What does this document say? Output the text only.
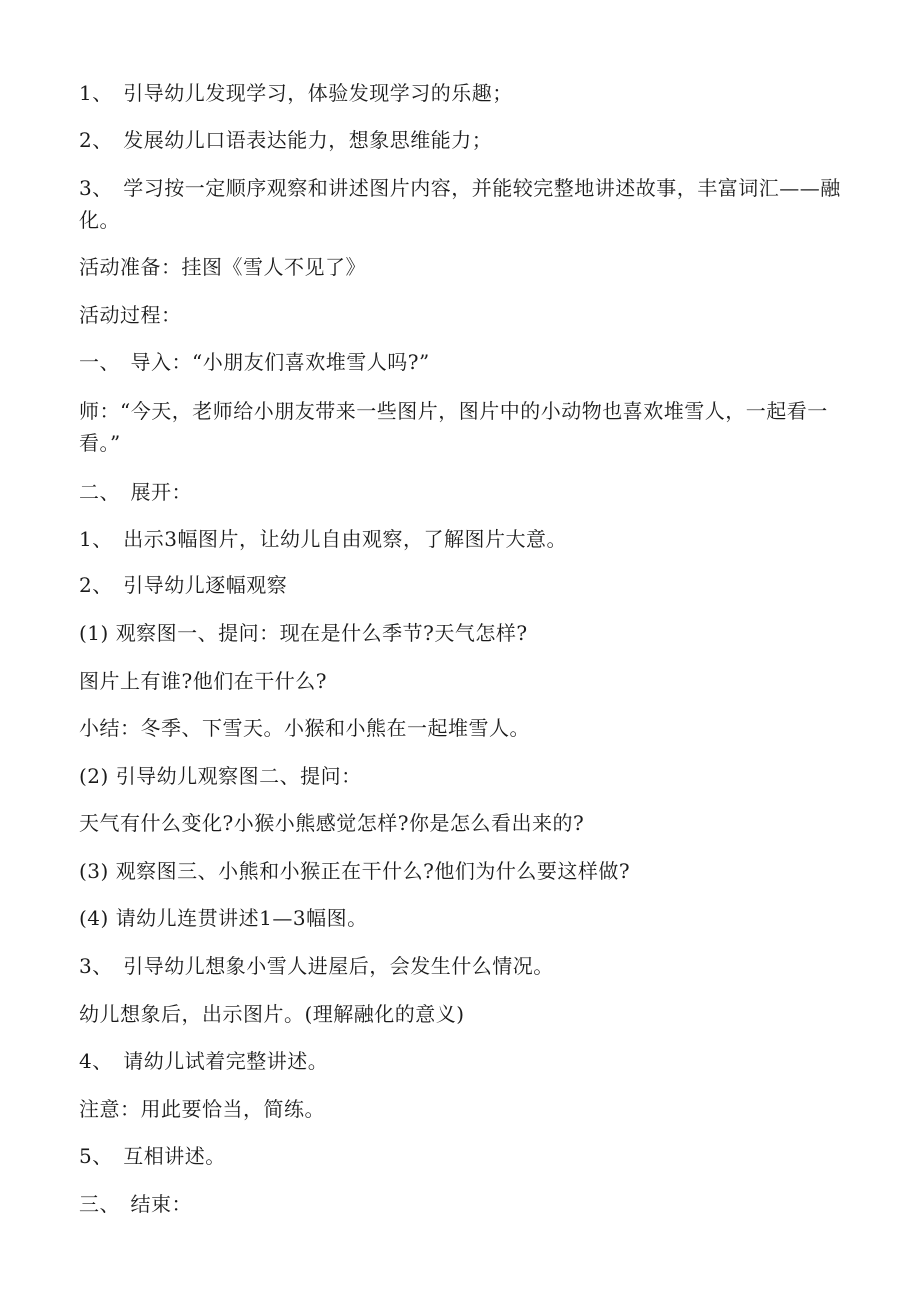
1、　引导幼儿发现学习，体验发现学习的乐趣；
2、　发展幼儿口语表达能力，想象思维能力；
3、　学习按一定顺序观察和讲述图片内容，并能较完整地讲述故事，丰富词汇——融化。
活动准备：挂图《雪人不见了》
活动过程：
一、　导入：“小朋友们喜欢堆雪人吗?”
师：“今天，老师给小朋友带来一些图片，图片中的小动物也喜欢堆雪人，一起看一看。”
二、　展开：
1、　出示3幅图片，让幼儿自由观察，了解图片大意。
2、　引导幼儿逐幅观察
(1) 观察图一、提问：现在是什么季节?天气怎样?
图片上有谁?他们在干什么?
小结：冬季、下雪天。小猴和小熊在一起堆雪人。
(2) 引导幼儿观察图二、提问：
天气有什么变化?小猴小熊感觉怎样?你是怎么看出来的?
(3) 观察图三、小熊和小猴正在干什么?他们为什么要这样做?
(4) 请幼儿连贯讲述1—3幅图。
3、　引导幼儿想象小雪人进屋后，会发生什么情况。
幼儿想象后，出示图片。(理解融化的意义)
4、　请幼儿试着完整讲述。
注意：用此要恰当，简练。
5、　互相讲述。
三、　结束：
